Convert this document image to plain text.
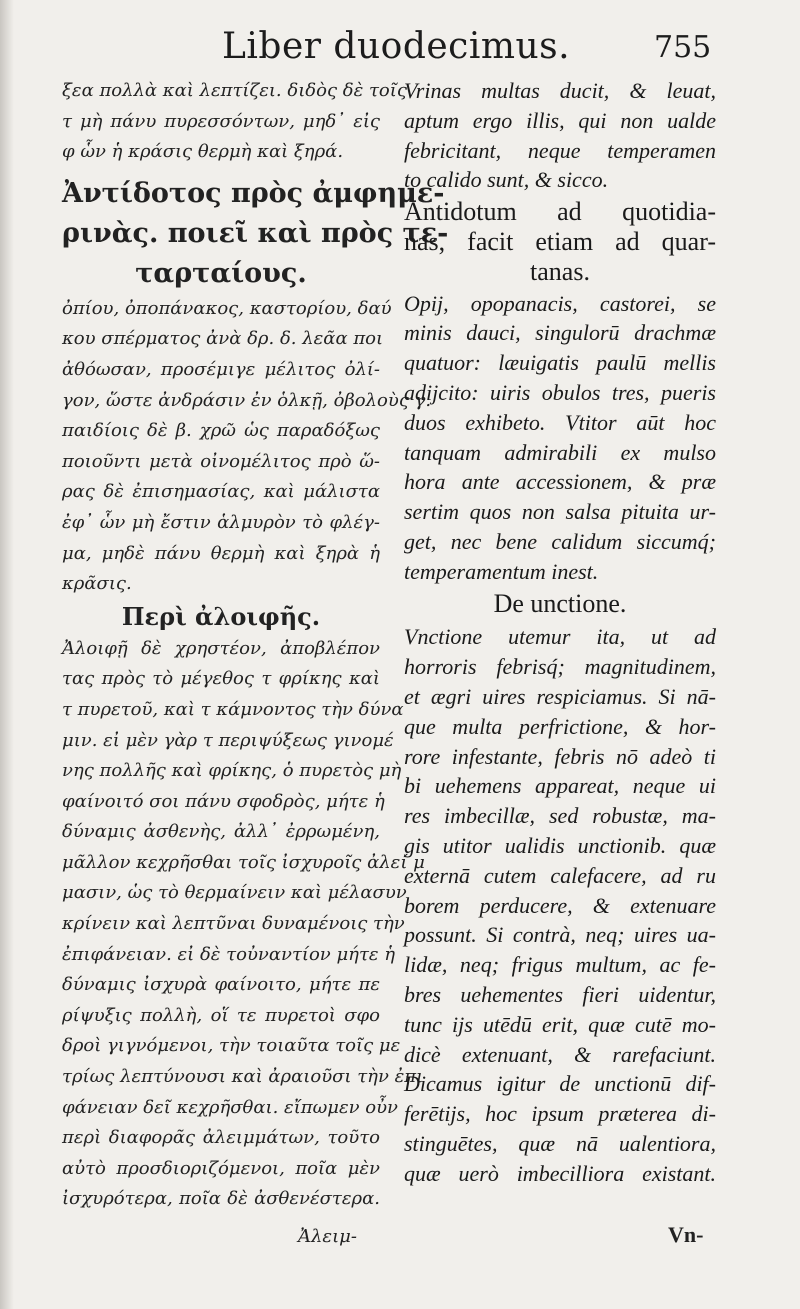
Liber duodecimus.	755
ξεα πολλὰ καὶ λεπτίζει. διδὸς δὲ τοῖς
τ μὴ πάνυ πυρεσσόντων, μηδ᾽ εἰς
φ ὧν ἡ κράσις θερμὴ καὶ ξηρά.
Ἀντίδοτος πρὸς ἀμφημε-
ρινὰς. ποιεῖ καὶ πρὸς τε-
ταρταίους.
ὀπίου, ὀποπάνακος, καστορίου, δαύ
κου σπέρματος ἀνὰ δρ. δ. λεᾶα ποι
ἀθόωσαν, προσέμιγε μέλιτος ὀλί-
γον, ὥστε ἀνδράσιν ἐν ὁλκῇ, ὀβολοὺς γ.
παιδίοις δὲ β. χρῶ ὡς παραδόξως
ποιοῦντι μετὰ οἰνομέλιτος πρὸ ὥ-
ρας δὲ ἐπισημασίας, καὶ μάλιστα
ἐφ᾽ ὧν μὴ ἔστιν ἁλμυρὸν τὸ φλέγ-
μα, μηδὲ πάνυ θερμὴ καὶ ξηρὰ ἡ
κρᾶσις.
Περὶ ἀλοιφῆς.
Ἀλοιφῇ δὲ χρηστέον, ἀποβλέπον
τας πρὸς τὸ μέγεθος τ φρίκης καὶ
τ πυρετοῦ, καὶ τ κάμνοντος τὴν δύνα
μιν. εἰ μὲν γὰρ τ περιψύξεως γινομέ
νης πολλῆς καὶ φρίκης, ὁ πυρετὸς μὴ
φαίνοιτό σοι πάνυ σφοδρὸς, μήτε ἡ
δύναμις ἀσθενὴς, ἀλλ᾽ ἐρρωμένη,
μᾶλλον κεχρῆσθαι τοῖς ἰσχυροῖς ἀλεί μ
μασιν, ὡς τὸ θερμαίνειν καὶ μέλασυν
κρίνειν καὶ λεπτῦναι δυναμένοις τὴν
ἐπιφάνειαν. εἰ δὲ τοὐναντίον μήτε ἡ
δύναμις ἰσχυρὰ φαίνοιτο, μήτε πε
ρίψυξις πολλὴ, οἵ τε πυρετοὶ σφο
δροὶ γιγνόμενοι, τὴν τοιαῦτα τοῖς με
τρίως λεπτύνουσι καὶ ἀραιοῦσι τὴν ἐπι
φάνειαν δεῖ κεχρῆσθαι. εἴπωμεν οὖν
περὶ διαφορᾶς ἀλειμμάτων, τοῦτο
αὐτὸ προσδιοριζόμενοι, ποῖα μὲν
ἰσχυρότερα, ποῖα δὲ ἀσθενέστερα.
Vrinas multas ducit, & leuat,
aptum ergo illis, qui non ualde
febricitant, neque temperamen
to calido sunt, & sicco.
Antidotum ad quotidia-
nas, facit etiam ad quar-
tanas.
Opij, opopanacis, castorei, se
minis dauci, singulorū drachmæ
quatuor: læuigatis paulū mellis
adijcito: uiris obulos tres, pueris
duos exhibeto. Vtitor aūt hoc
tanquam admirabili ex mulso
hora ante accessionem, & præ
sertim quos non salsa pituita ur-
get, nec bene calidum siccumq́;
temperamentum inest.
De unctione.
Vnctione utemur ita, ut ad
horroris febrisq́; magnitudinem,
et ægri uires respiciamus. Si nā-
que multa perfrictione, & hor-
rore infestante, febris nō adeò ti
bi uehemens appareat, neque ui
res imbecillæ, sed robustæ, ma-
gis utitor ualidis unctionib. quæ
externā cutem calefacere, ad ru
borem perducere, & extenuare
possunt. Si contrà, neq; uires ua-
lidæ, neq; frigus multum, ac fe-
bres uehementes fieri uidentur,
tunc ijs utēdū erit, quæ cutē mo-
dicè extenuant, & rarefaciunt.
Dicamus igitur de unctionū dif-
ferētijs, hoc ipsum præterea di-
stinguētes, quæ nā ualentiora,
quæ uerò imbecilliora existant.
Ἀλειμ-	Vn-
